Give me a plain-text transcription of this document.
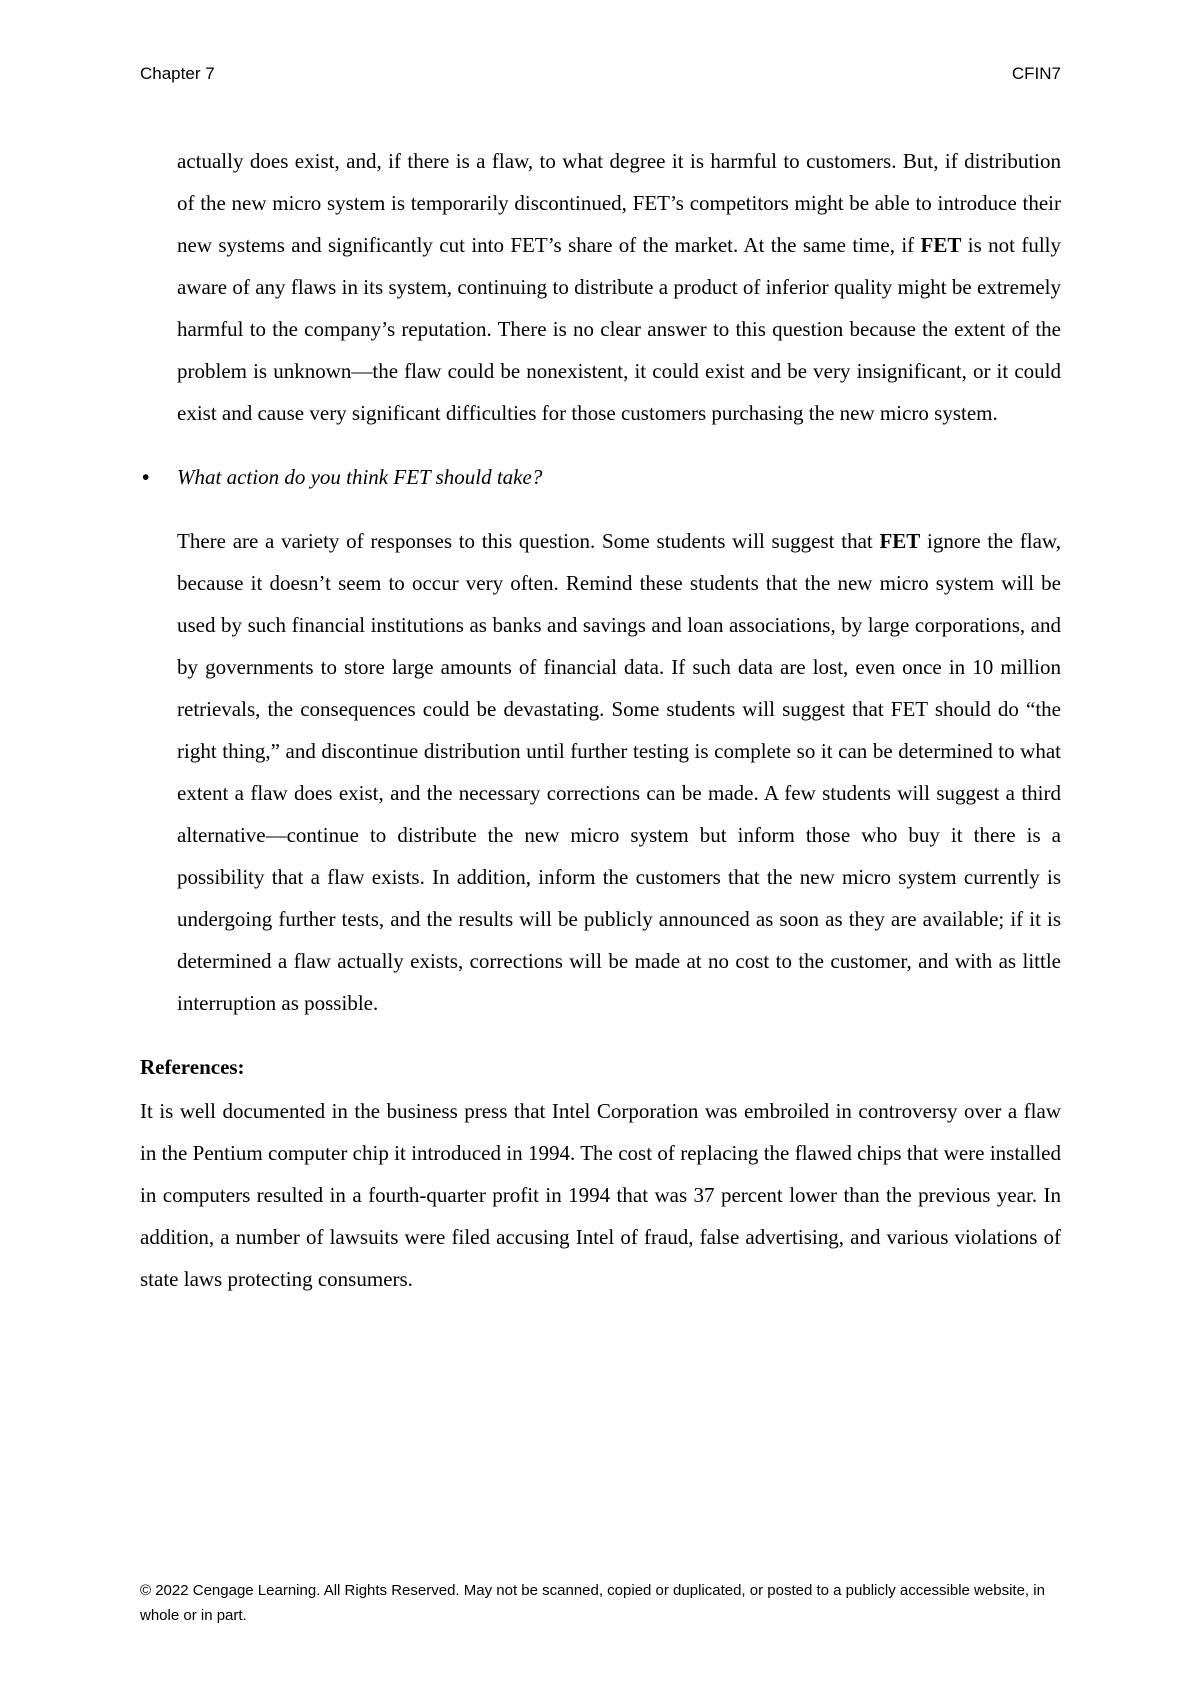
Chapter 7	CFIN7

actually does exist, and, if there is a flaw, to what degree it is harmful to customers. But, if distribution of the new micro system is temporarily discontinued, FET’s competitors might be able to introduce their new systems and significantly cut into FET’s share of the market. At the same time, if FET is not fully aware of any flaws in its system, continuing to distribute a product of inferior quality might be extremely harmful to the company’s reputation. There is no clear answer to this question because the extent of the problem is unknown—the flaw could be nonexistent, it could exist and be very insignificant, or it could exist and cause very significant difficulties for those customers purchasing the new micro system.

• What action do you think FET should take?

There are a variety of responses to this question. Some students will suggest that FET ignore the flaw, because it doesn’t seem to occur very often. Remind these students that the new micro system will be used by such financial institutions as banks and savings and loan associations, by large corporations, and by governments to store large amounts of financial data. If such data are lost, even once in 10 million retrievals, the consequences could be devastating. Some students will suggest that FET should do “the right thing,” and discontinue distribution until further testing is complete so it can be determined to what extent a flaw does exist, and the necessary corrections can be made. A few students will suggest a third alternative—continue to distribute the new micro system but inform those who buy it there is a possibility that a flaw exists. In addition, inform the customers that the new micro system currently is undergoing further tests, and the results will be publicly announced as soon as they are available; if it is determined a flaw actually exists, corrections will be made at no cost to the customer, and with as little interruption as possible.

References:

It is well documented in the business press that Intel Corporation was embroiled in controversy over a flaw in the Pentium computer chip it introduced in 1994. The cost of replacing the flawed chips that were installed in computers resulted in a fourth-quarter profit in 1994 that was 37 percent lower than the previous year. In addition, a number of lawsuits were filed accusing Intel of fraud, false advertising, and various violations of state laws protecting consumers.

© 2022 Cengage Learning. All Rights Reserved. May not be scanned, copied or duplicated, or posted to a publicly accessible website, in whole or in part.
